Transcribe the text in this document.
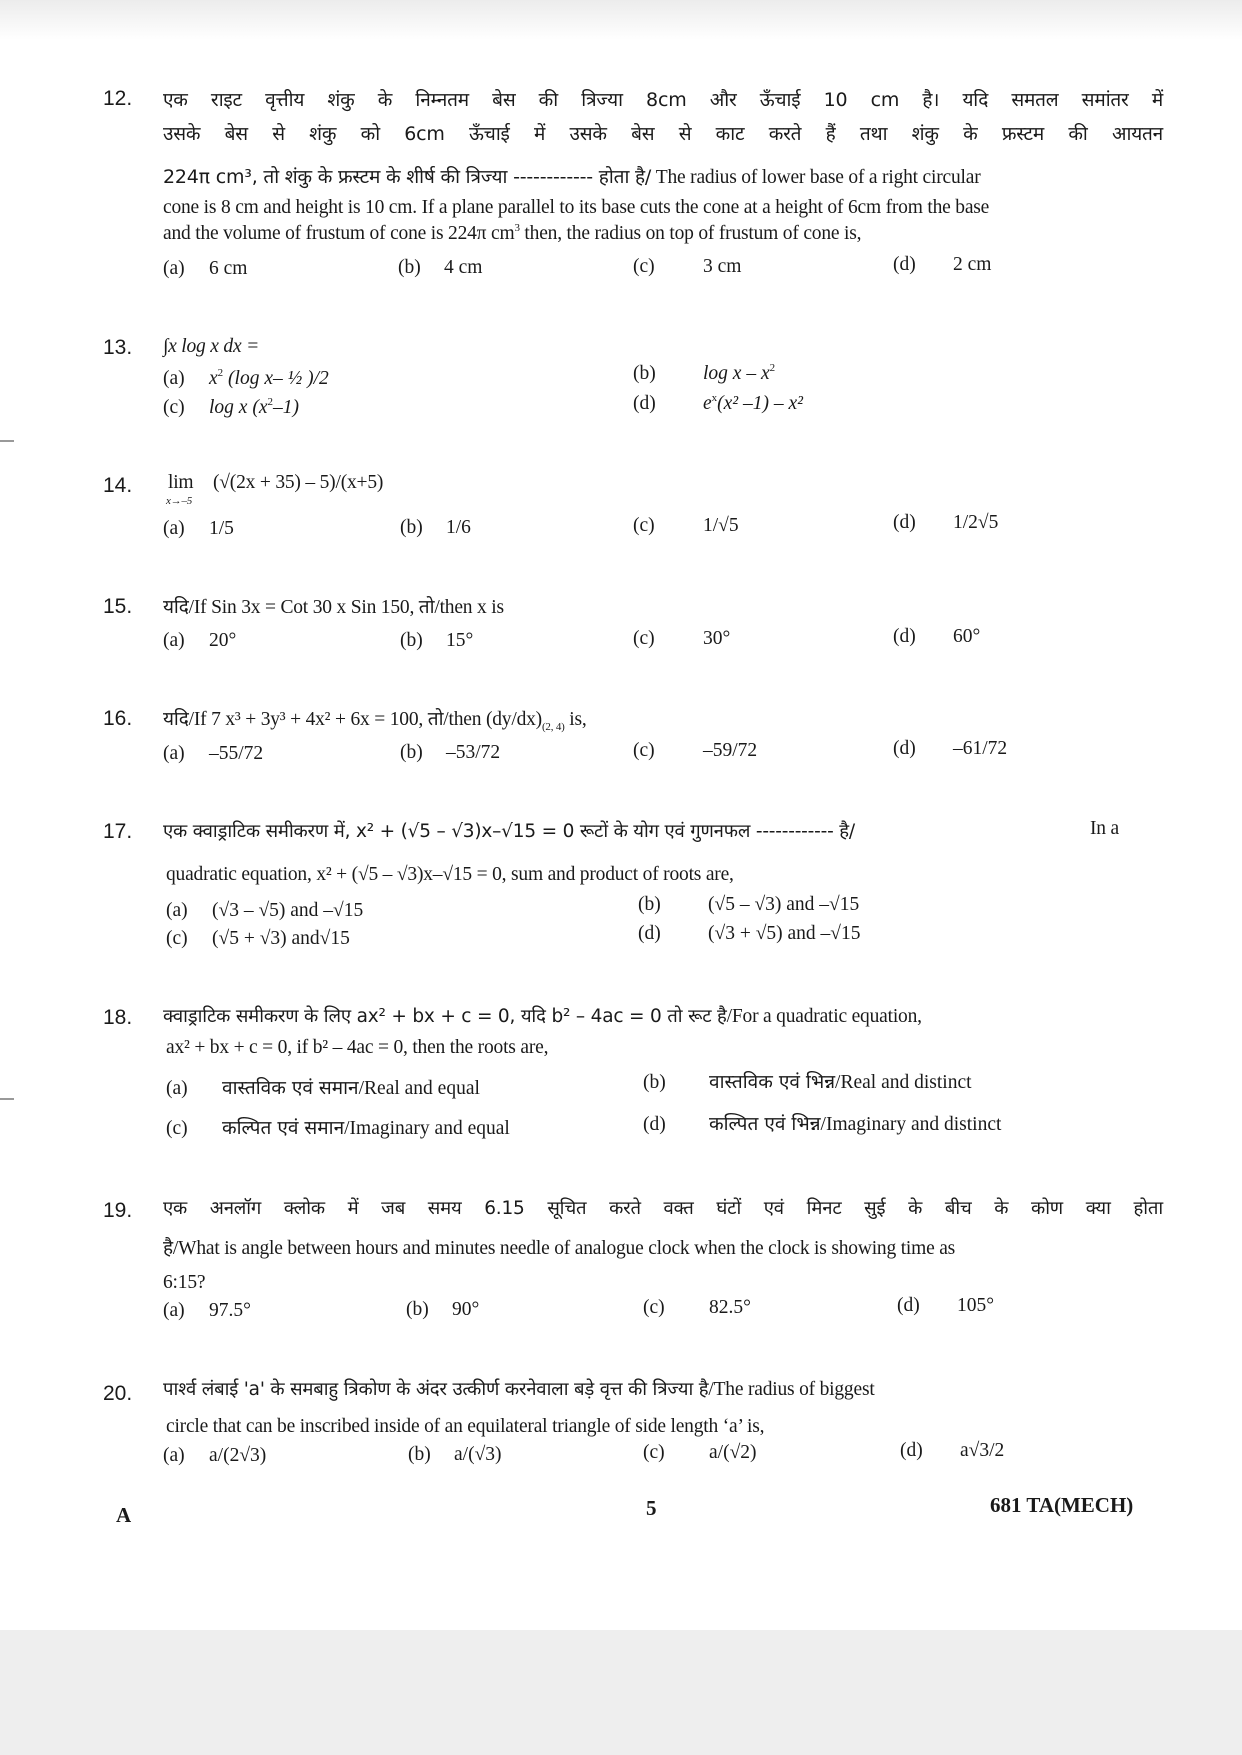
12. एक राइट वृत्तीय शंकु के निम्नतम बेस की त्रिज्या 8cm और ऊँचाई 10 cm है। यदि समतल समांतर में
उसके बेस से शंकु को 6cm ऊँचाई में उसके बेस से काट करते हैं तथा शंकु के फ्रस्टम की आयतन
224π cm³, तो शंकु के फ्रस्टम के शीर्ष की त्रिज्या ------------ होता है/ The radius of lower base of a right circular
cone is 8 cm and height is 10 cm. If a plane parallel to its base cuts the cone at a height of 6cm from the base
and the volume of frustum of cone is 224π $cm^3$ then, the radius on top of frustum of cone is,
(a) 6 cm	(b) 4 cm	(c) 3 cm	(d) 2 cm
13. ∫x log x dx =
(a) $x^2$ (log x– ½ )/2	(b) log x – $x^2$
(c) log x $(x^2-1)$	(d) $e^x(x^2$ –1) – x²
14. lim
x→–5
(√(2x + 35) – 5)/(x+5)
(a) 1/5	(b) 1/6	(c) 1/√5	(d) 1/2√5
15. यदि/If Sin 3x = Cot 30 x Sin 150, तो/then x is
(a) 20°	(b) 15°	(c) 30°	(d) 60°
16. यदि/If 7 x³ + 3y³ + 4x² + 6x = 100, तो/then $(dy/dx)_{(2, 4)}$ is,
(a) –55/72	(b) –53/72	(c) –59/72	(d) –61/72
17. एक क्वाड्राटिक समीकरण में, x² + (√5 – √3)x–√15 = 0 रूटों के योग एवं गुणनफल ------------ है/	In a
quadratic equation, x² + (√5 – √3)x–√15 = 0, sum and product of roots are,
(a) (√3 – √5) and –√15	(b) (√5 – √3) and –√15
(c) (√5 + √3) and√15	(d) (√3 + √5) and –√15
18. क्वाड्राटिक समीकरण के लिए ax² + bx + c = 0, यदि b² – 4ac = 0 तो रूट है/For a quadratic equation,
ax² + bx + c = 0, if b² – 4ac = 0, then the roots are,
(a) वास्तविक एवं समान/Real and equal	(b) वास्तविक एवं भिन्न/Real and distinct
(c) कल्पित एवं समान/Imaginary and equal	(d) कल्पित एवं भिन्न/Imaginary and distinct
19. एक अनलॉग क्लोक में जब समय 6.15 सूचित करते वक्त घंटों एवं मिनट सुई के बीच के कोण क्या होता
है/What is angle between hours and minutes needle of analogue clock when the clock is showing time as
6:15?
(a) 97.5°	(b) 90°	(c) 82.5°	(d) 105°
20. पार्श्व लंबाई 'a' के समबाहु त्रिकोण के अंदर उत्कीर्ण करनेवाला बड़े वृत्त की त्रिज्या है/The radius of biggest
circle that can be inscribed inside of an equilateral triangle of side length ‘a’ is,
(a) a/(2√3)	(b) a/(√3)	(c) a/(√2)	(d) a√3/2
A	5	681 TA(MECH)
